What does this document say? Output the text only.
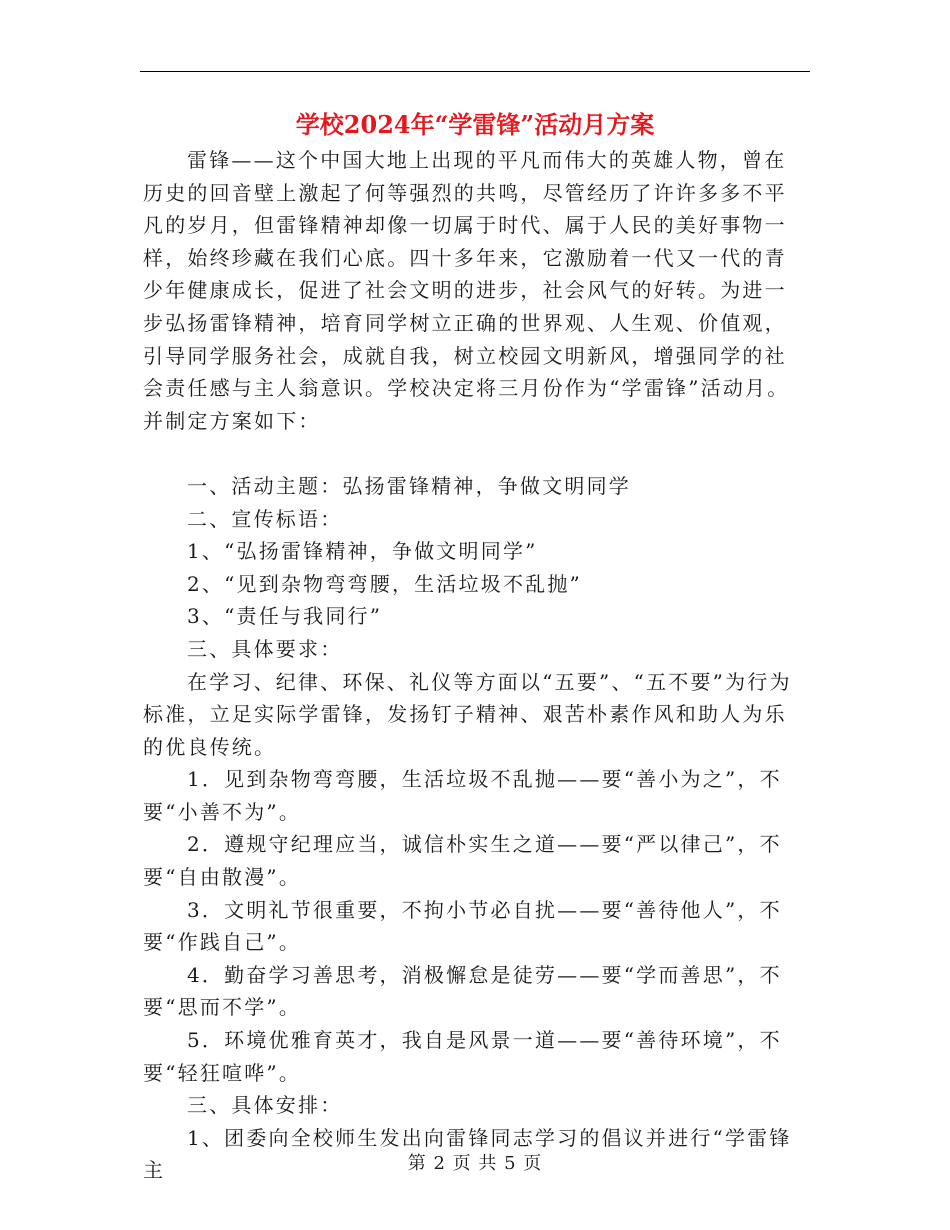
学校2024年“学雷锋”活动月方案

雷锋——这个中国大地上出现的平凡而伟大的英雄人物，曾在历史的回音壁上激起了何等强烈的共鸣，尽管经历了许许多多不平凡的岁月，但雷锋精神却像一切属于时代、属于人民的美好事物一样，始终珍藏在我们心底。四十多年来，它激励着一代又一代的青少年健康成长，促进了社会文明的进步，社会风气的好转。为进一步弘扬雷锋精神，培育同学树立正确的世界观、人生观、价值观，引导同学服务社会，成就自我，树立校园文明新风，增强同学的社会责任感与主人翁意识。学校决定将三月份作为“学雷锋”活动月。并制定方案如下：

一、活动主题：弘扬雷锋精神，争做文明同学

二、宣传标语：

1、“弘扬雷锋精神，争做文明同学”

2、“见到杂物弯弯腰，生活垃圾不乱抛”

3、“责任与我同行”

三、具体要求：

在学习、纪律、环保、礼仪等方面以“五要”、“五不要”为行为标准，立足实际学雷锋，发扬钉子精神、艰苦朴素作风和助人为乐的优良传统。

1．见到杂物弯弯腰，生活垃圾不乱抛——要“善小为之”，不要“小善不为”。

2．遵规守纪理应当，诚信朴实生之道——要“严以律己”，不要“自由散漫”。

3．文明礼节很重要，不拘小节必自扰——要“善待他人”，不要“作践自己”。

4．勤奋学习善思考，消极懈怠是徒劳——要“学而善思”，不要“思而不学”。

5．环境优雅育英才，我自是风景一道——要“善待环境”，不要“轻狂喧哗”。

三、具体安排：

1、团委向全校师生发出向雷锋同志学习的倡议并进行“学雷锋主	第 2 页 共 5 页
